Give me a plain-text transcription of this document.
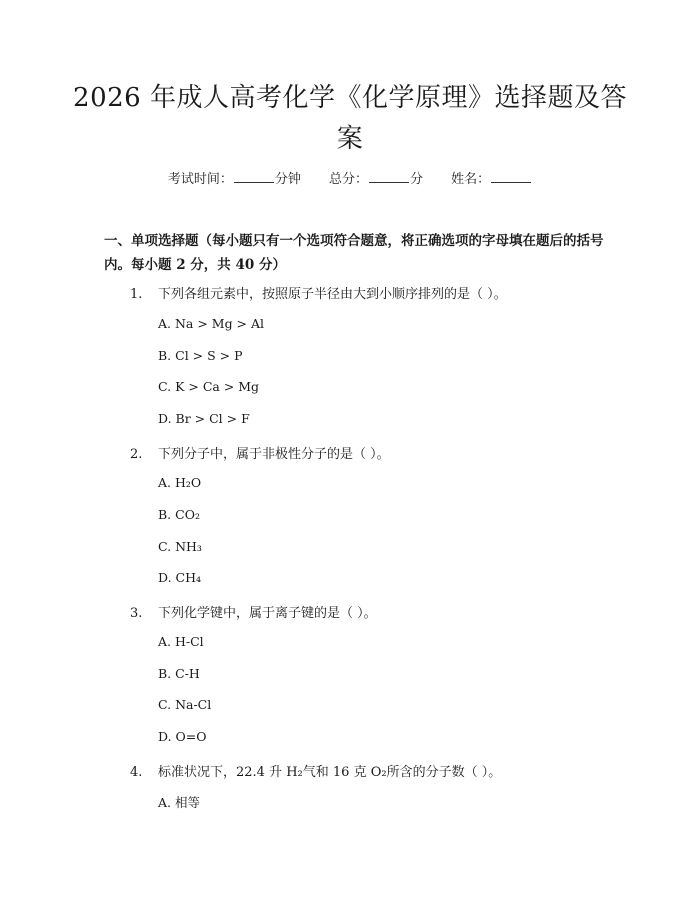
2026 年成人高考化学《化学原理》选择题及答案
考试时间：	分钟 总分：	分 姓名：

一、单项选择题（每小题只有一个选项符合题意，将正确选项的字母填在题后的括号内。每小题 2 分，共 40 分）

1. 下列各组元素中，按照原子半径由大到小顺序排列的是（ ）。
A. Na > Mg > Al
B. Cl > S > P
C. K > Ca > Mg
D. Br > Cl > F
2. 下列分子中，属于非极性分子的是（ ）。
A. H₂O
B. CO₂
C. NH₃
D. CH₄
3. 下列化学键中，属于离子键的是（ ）。
A. H-Cl
B. C-H
C. Na-Cl
D. O=O
4. 标准状况下，22.4 升 H₂气和 16 克 O₂所含的分子数（ ）。
A. 相等
